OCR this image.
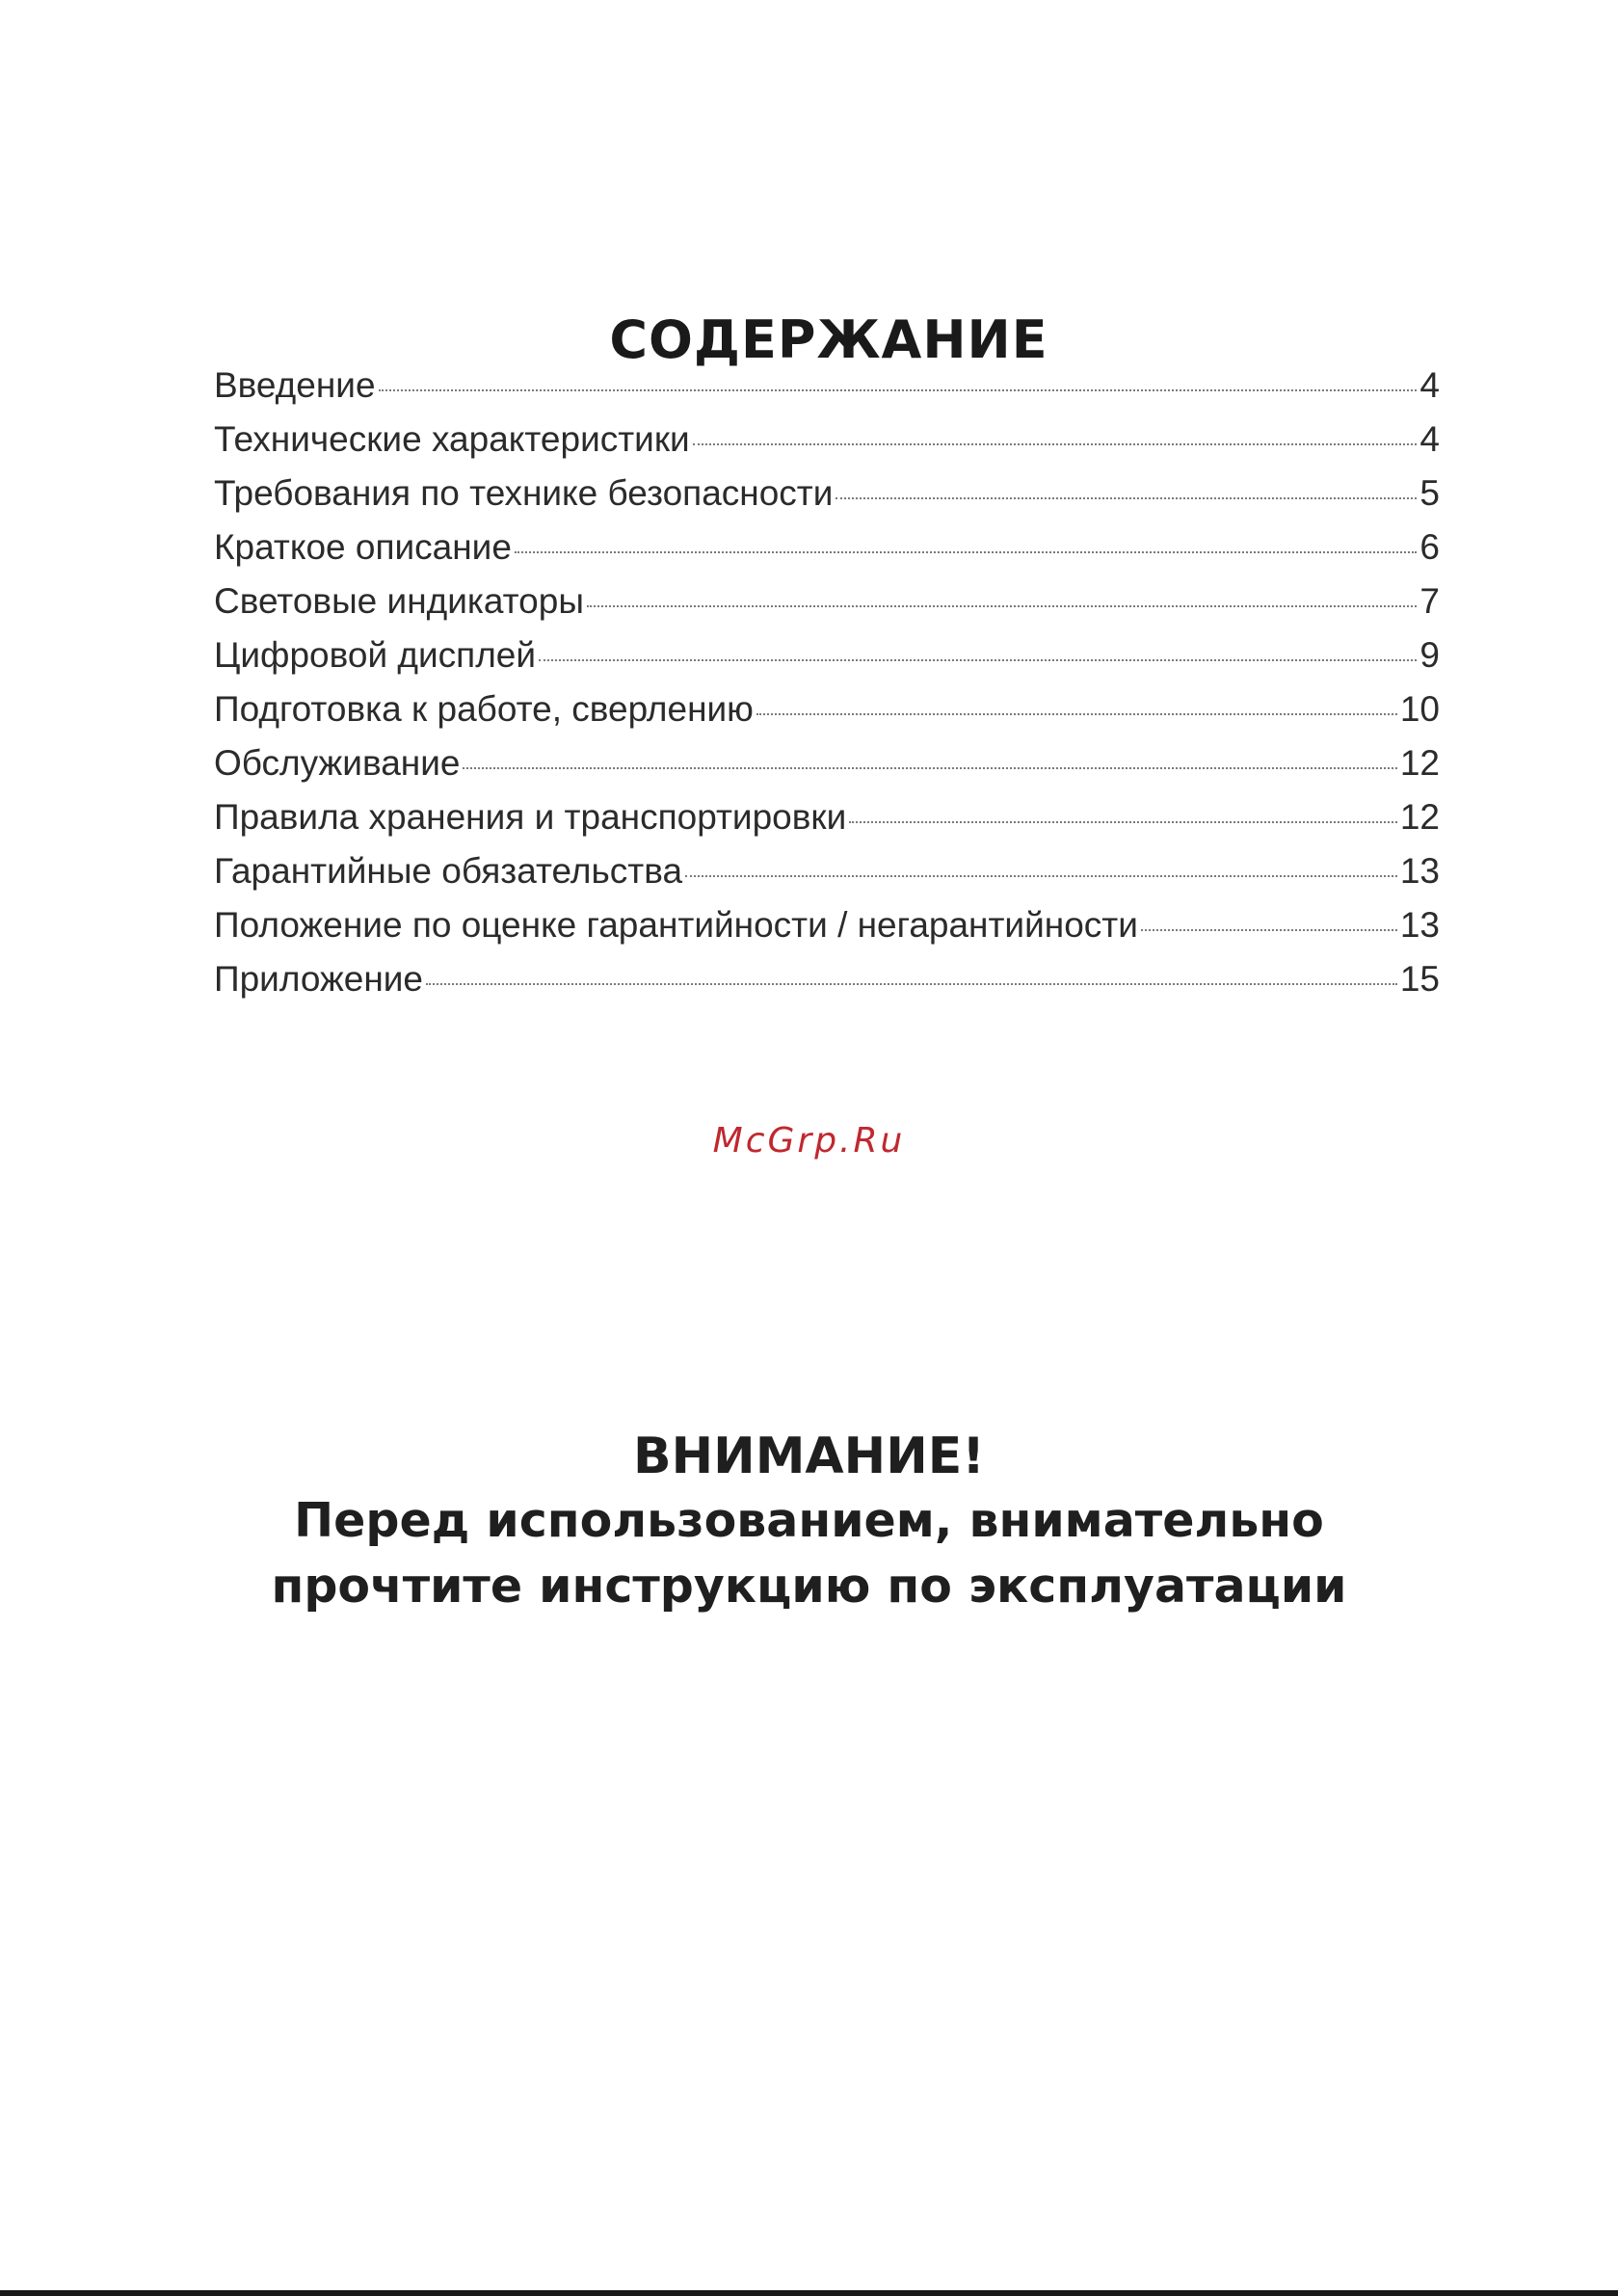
СОДЕРЖАНИЕ
Введение	4
Технические характеристики	4
Требования по технике безопасности	5
Краткое описание	6
Световые индикаторы	7
Цифровой дисплей	9
Подготовка к работе, сверлению	10
Обслуживание	12
Правила хранения и транспортировки	12
Гарантийные обязательства	13
Положение по оценке гарантийности / негарантийности	13
Приложение	15
McGrp.Ru
ВНИМАНИЕ!
Перед использованием, внимательно
прочтите инструкцию по эксплуатации
